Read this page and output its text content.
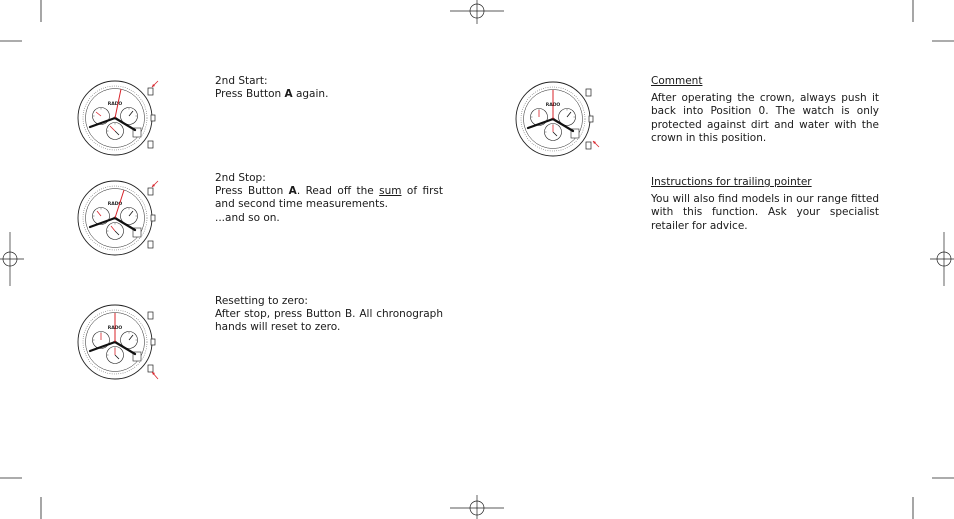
2nd Start:
Press Button A again.
2nd Stop:
Press Button A. Read off the sum of first and second time measurements.
...and so on.
Resetting to zero:
After stop, press Button B. All chronograph hands will reset to zero.
Comment
After operating the crown, always push it back into Position 0. The watch is only protected against dirt and water with the crown in this position.
Instructions for trailing pointer
You will also find models in our range fitted with this function. Ask your specialist retailer for advice.
